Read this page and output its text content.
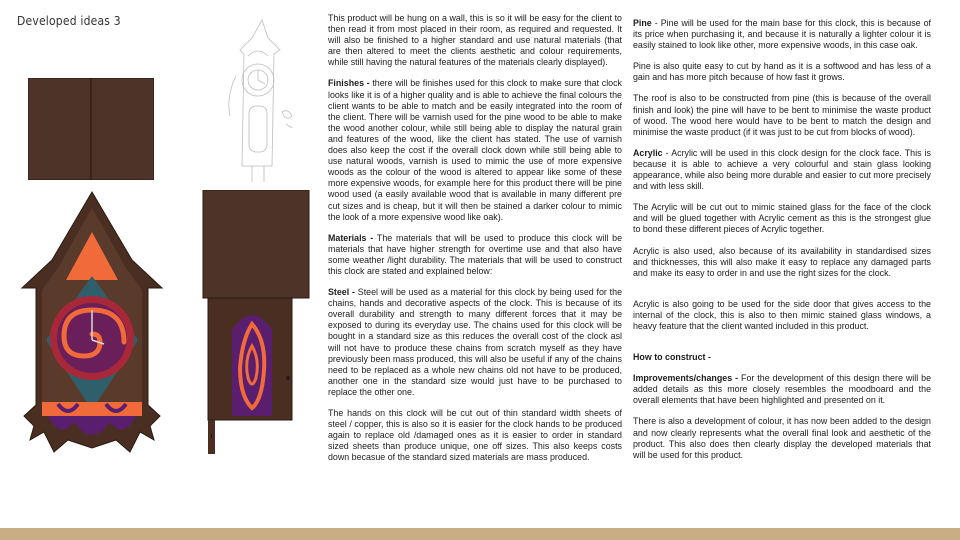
Developed ideas 3	This product will be hung on a wall, this is so it will be easy for the client to then read it from most placed in their room, as required and requested. It will also be finished to a higher standard and use natural materials (that are then altered to meet the clients aesthetic and colour requirements, while still having the natural features of the materials clearly displayed).

Finishes - there will be finishes used for this clock to make sure that clock looks like it is of a higher quality and is able to achieve the final colours the client wants to be able to match and be easily integrated into the room of the client. There will be varnish used for the pine wood to be able to make the wood another colour, while still being able to display the natural grain and features of the wood, like the client has stated. The use of varnish does also keep the cost if the overall clock down while still being able to use natural woods, varnish is used to mimic the use of more expensive woods as the colour of the wood is altered to appear like some of these more expensive woods, for example here for this product there will be pine wood used (a easily available wood that is available in many different pre cut sizes and is cheap, but it will then be stained a darker colour to mimic the look of a more expensive wood like oak).

Materials - The materials that will be used to produce this clock will be materials that have higher strength for overtime use and that also have some weather /light durability. The materials that will be used to construct this clock are stated and explained below:

Steel - Steel will be used as a material for this clock by being used for the chains, hands and decorative aspects of the clock. This is because of its overall durability and strength to many different forces that it may be exposed to during its everyday use. The chains used for this clock will be bought in a standard size as this reduces the overall cost of the clock asl will not have to produce these chains from scratch myself as they have previously been mass produced, this will also be useful if any of the chains need to be replaced as a whole new chains old not have to be produced, another one in the standard size would just have to be purchased to replace the other one.

The hands on this clock will be cut out of thin standard width sheets of steel / copper, this is also so it is easier for the clock hands to be produced again to replace old /damaged ones as it is easier to order in standard sized sheets than produce unique, one off sizes. This also keeps costs down becasue of the standard sized materials are mass produced.

Pine - Pine will be used for the main base for this clock, this is because of its price when purchasing it, and because it is naturally a lighter colour it is easily stained to look like other, more expensive woods, in this case oak.

Pine is also quite easy to cut by hand as it is a softwood and has less of a gain and has more pitch because of how fast it grows.

The roof is also to be constructed from pine (this is because of the overall finish and look) the pine will have to be bent to minimise the waste product of wood. The wood here would have to be bent to match the design and minimise the waste product (if it was just to be cut from blocks of wood).

Acrylic - Acrylic will be used in this clock design for the clock face. This is because it is able to achieve a very colourful and stain glass looking appearance, while also being more durable and easier to cut more precisely and with less skill.

The Acrylic will be cut out to mimic stained glass for the face of the clock and will be glued together with Acrylic cement as this is the strongest glue to bond these different pieces of Acrylic together.

Acrylic is also used, also because of its availability in standardised sizes and thicknesses, this will also make it easy to replace any damaged parts and make its easy to order in and use the right sizes for the clock.

Acrylic is also going to be used for the side door that gives access to the internal of the clock, this is also to then mimic stained glass windows, a heavy feature that the client wanted included in this product.

How to construct -

Improvements/changes - For the development of this design there will be added details as this more closely resembles the moodboard and the overall elements that have been highlighted and presented on it.

There is also a development of colour, it has now been added to the design and now clearly represents what the overall final look and aesthetic of the product. This also does then clearly display the developed materials that will be used for this product.
